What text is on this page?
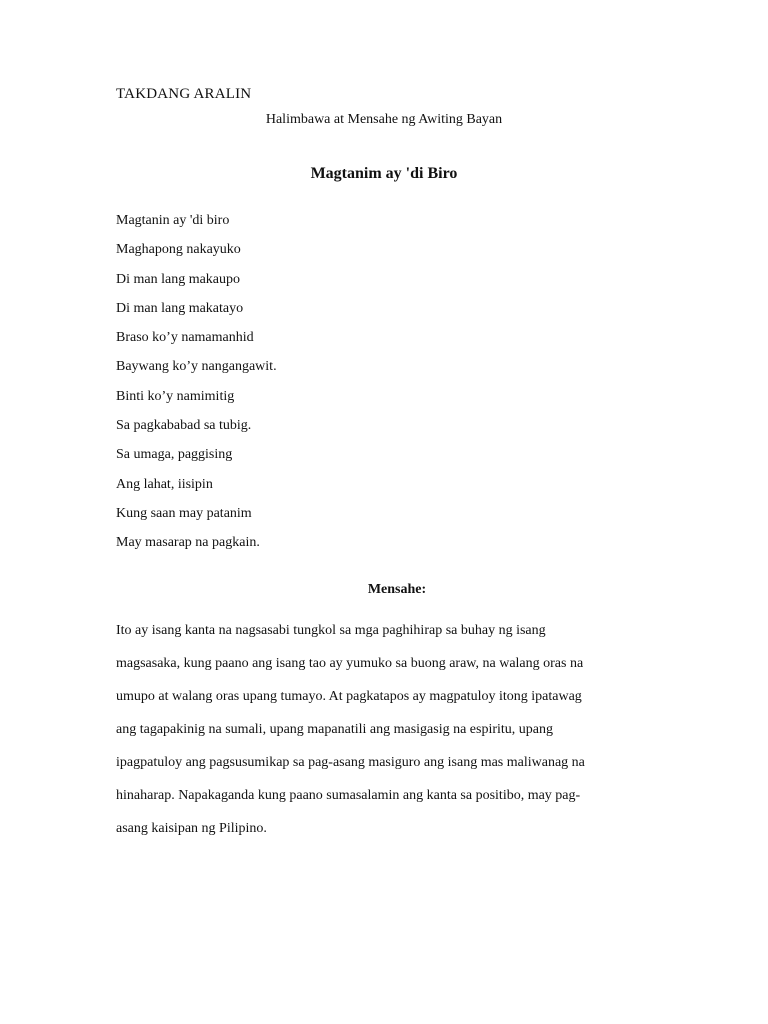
TAKDANG ARALIN
Halimbawa at Mensahe ng Awiting Bayan
Magtanim ay 'di Biro
Magtanin ay 'di biro
Maghapong nakayuko
Di man lang makaupo
Di man lang makatayo
Braso ko’y namamanhid
Baywang ko’y nangangawit.
Binti ko’y namimitig
Sa pagkababad sa tubig.
Sa umaga, paggising
Ang lahat, iisipin
Kung saan may patanim
May masarap na pagkain.
Mensahe:

Ito ay isang kanta na nagsasabi tungkol sa mga paghihirap sa buhay ng isang
magsasaka, kung paano ang isang tao ay yumuko sa buong araw, na walang oras na
umupo at walang oras upang tumayo. At pagkatapos ay magpatuloy itong ipatawag
ang tagapakinig na sumali, upang mapanatili ang masigasig na espiritu, upang
ipagpatuloy ang pagsusumikap sa pag-asang masiguro ang isang mas maliwanag na
hinaharap. Napakaganda kung paano sumasalamin ang kanta sa positibo, may pag-
asang kaisipan ng Pilipino.
